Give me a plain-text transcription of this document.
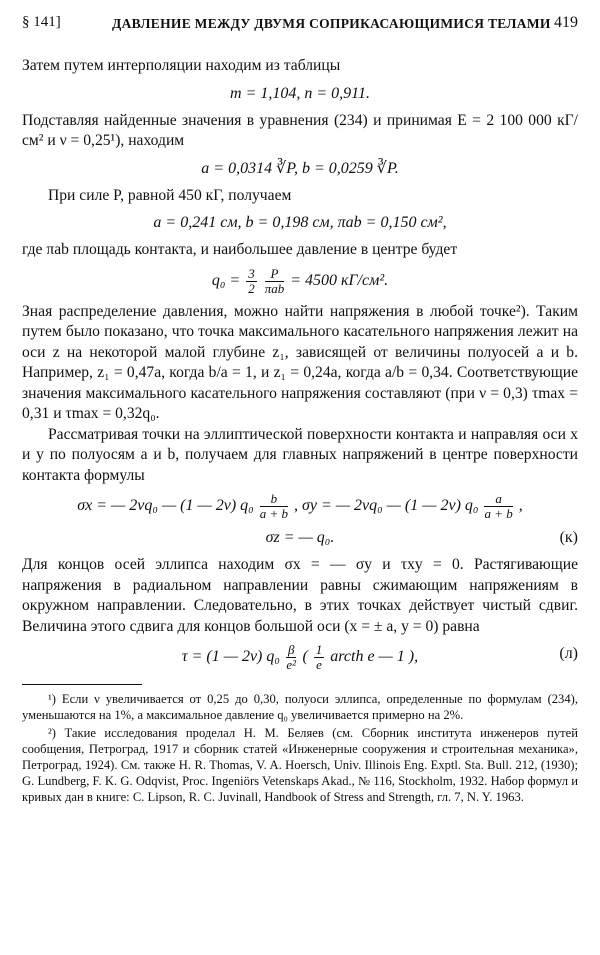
§ 141]	ДАВЛЕНИЕ МЕЖДУ ДВУМЯ СОПРИКАСАЮЩИМИСЯ ТЕЛАМИ 419

Затем путем интерполяции находим из таблицы

m = 1,104, n = 0,911.

Подставляя найденные значения в уравнения (234) и принимая E = 2 100 000 кГ/см² и ν = 0,25¹), находим

a = 0,0314 ∛P, b = 0,0259 ∛P.

При силе P, равной 450 кГ, получаем

a = 0,241 см, b = 0,198 см, πab = 0,150 см²,

где πab площадь контакта, и наибольшее давление в центре будет

$q_0 = \frac{3}{2}$
$\frac{P}{\text{πab}} = 4500$ кГ/см².

Зная распределение давления, можно найти напряжения в любой точке²). Таким путем было показано, что точка максимального касательного напряжения лежит на оси z на некоторой малой глубине z₁, зависящей от величины полуосей a и b. Например, z₁ = 0,47a, когда b/a = 1, и z₁ = 0,24a, когда a/b = 0,34. Соответствующие значения максимального касательного напряжения составляют (при ν = 0,3) τmax = 0,31 и τmax = 0,32q₀.

Рассматривая точки на эллиптической поверхности контакта и направляя оси x и y по полуосям a и b, получаем для главных напряжений в центре поверхности контакта формулы

σx = — 2νq₀ — (1 — 2ν) $q_0 \frac{b}{a + b}$ , σy = — 2νq₀ — (1 — 2ν) $q_0 \frac{a}{a + b}$ ,
σz = — q₀.	(к)

Для концов осей эллипса находим σx = — σy и τxy = 0. Растягивающие напряжения в радиальном направлении равны сжимающим напряжениям в окружном направлении. Следовательно, в этих точках действует чистый сдвиг. Величина этого сдвига для концов большой оси (x = ± a, y = 0) равна

τ = (1 — 2ν) $q_0 \frac{\beta}{\text{e²}}$ ( $\frac{1}{e}$ arcth e — 1 ),	(л)

¹) Если ν увеличивается от 0,25 до 0,30, полуоси эллипса, определенные по формулам (234), уменьшаются на 1%, а максимальное давление q₀ увеличивается примерно на 2%.

²) Такие исследования проделал Н. М. Беляев (см. Сборник института инженеров путей сообщения, Петроград, 1917 и сборник статей «Инженерные сооружения и строительная механика», Петроград, 1924). См. также H. R. Thomas, V. A. Hoersch, Univ. Illinois Eng. Exptl. Sta. Bull. 212, (1930); G. Lundberg, F. K. G. Odqvist, Proc. Ingeniörs Vetenskaps Akad., № 116, Stockholm, 1932. Набор формул и кривых дан в книге: C. Lipson, R. C. Juvinall, Handbook of Stress and Strength, гл. 7, N. Y. 1963.
